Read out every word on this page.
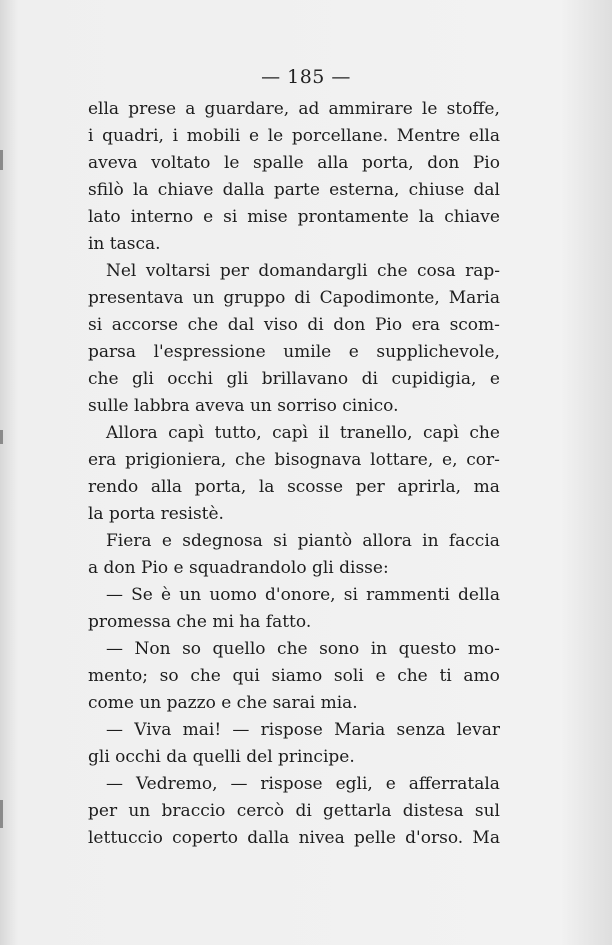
— 185 —
ella prese a guardare, ad ammirare le stoffe,
i quadri, i mobili e le porcellane. Mentre ella
aveva voltato le spalle alla porta, don Pio
sfilò la chiave dalla parte esterna, chiuse dal
lato interno e si mise prontamente la chiave
in tasca.
Nel voltarsi per domandargli che cosa rap-
presentava un gruppo di Capodimonte, Maria
si accorse che dal viso di don Pio era scom-
parsa l'espressione umile e supplichevole,
che gli occhi gli brillavano di cupidigia, e
sulle labbra aveva un sorriso cinico.
Allora capì tutto, capì il tranello, capì che
era prigioniera, che bisognava lottare, e, cor-
rendo alla porta, la scosse per aprirla, ma
la porta resistè.
Fiera e sdegnosa si piantò allora in faccia
a don Pio e squadrandolo gli disse:
— Se è un uomo d'onore, si rammenti della
promessa che mi ha fatto.
— Non so quello che sono in questo mo-
mento; so che qui siamo soli e che ti amo
come un pazzo e che sarai mia.
— Viva mai! — rispose Maria senza levar
gli occhi da quelli del principe.
— Vedremo, — rispose egli, e afferratala
per un braccio cercò di gettarla distesa sul
lettuccio coperto dalla nivea pelle d'orso. Ma
